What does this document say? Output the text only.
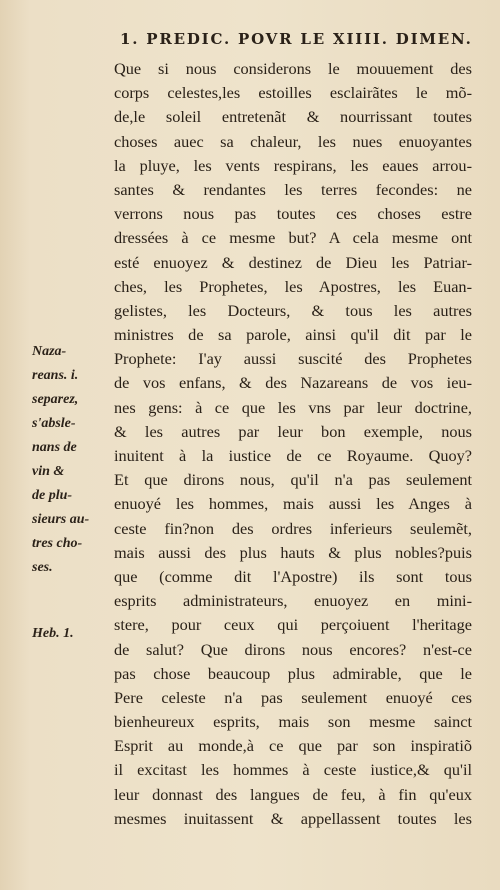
1. PREDIC. POVR LE XIIII. DIMEN.
Que si nous considerons le mouuement des
corps celestes,les estoilles esclairãtes le mõ-
de,le soleil entretenãt & nourrissant toutes
choses auec sa chaleur, les nues enuoyantes
la pluye, les vents respirans, les eaues arrou-
santes & rendantes les terres fecondes: ne
verrons nous pas toutes ces choses estre
dressées à ce mesme but? A cela mesme ont
esté enuoyez & destinez de Dieu les Patriar-
ches, les Prophetes, les Apostres, les Euan-
gelistes, les Docteurs, & tous les autres
ministres de sa parole, ainsi qu'il dit par le
Prophete: I'ay aussi suscité des Prophetes
de vos enfans, & des Nazareans de vos ieu-
nes gens: à ce que les vns par leur doctrine,
& les autres par leur bon exemple, nous
inuitent à la iustice de ce Royaume. Quoy?
Et que dirons nous, qu'il n'a pas seulement
enuoyé les hommes, mais aussi les Anges à
ceste fin?non des ordres inferieurs seulemẽt,
mais aussi des plus hauts & plus nobles?puis
que (comme dit l'Apostre) ils sont tous
esprits administrateurs, enuoyez en mini-
stere, pour ceux qui perçoiuent l'heritage
de salut? Que dirons nous encores? n'est-ce
pas chose beaucoup plus admirable, que le
Pere celeste n'a pas seulement enuoyé ces
bienheureux esprits, mais son mesme sainct
Esprit au monde,à ce que par son inspiratiõ
il excitast les hommes à ceste iustice,& qu'il
leur donnast des langues de feu, à fin qu'eux
mesmes inuitassent & appellassent toutes les
Naza-
reans. i.
separez,
s'absle-
nans de
vin &
de plu-
sieurs au-
tres cho-
ses.
Heb. 1.
